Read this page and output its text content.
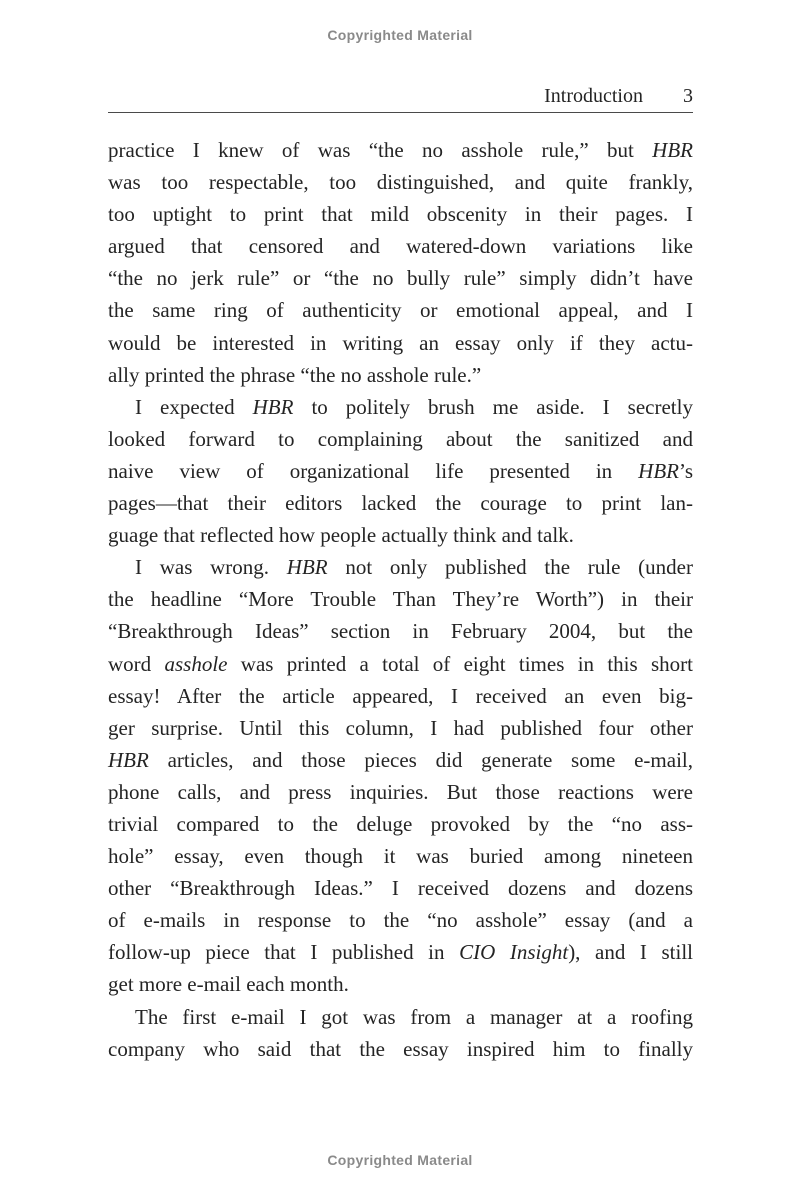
Copyrighted Material
Introduction 3
practice I knew of was “the no asshole rule,” but HBR
was too respectable, too distinguished, and quite frankly,
too uptight to print that mild obscenity in their pages. I
argued that censored and watered-down variations like
“the no jerk rule” or “the no bully rule” simply didn’t have
the same ring of authenticity or emotional appeal, and I
would be interested in writing an essay only if they actu-
ally printed the phrase “the no asshole rule.”
I expected HBR to politely brush me aside. I secretly
looked forward to complaining about the sanitized and
naive view of organizational life presented in HBR’s
pages—that their editors lacked the courage to print lan-
guage that reflected how people actually think and talk.
I was wrong. HBR not only published the rule (under
the headline “More Trouble Than They’re Worth”) in their
“Breakthrough Ideas” section in February 2004, but the
word asshole was printed a total of eight times in this short
essay! After the article appeared, I received an even big-
ger surprise. Until this column, I had published four other
HBR articles, and those pieces did generate some e-mail,
phone calls, and press inquiries. But those reactions were
trivial compared to the deluge provoked by the “no ass-
hole” essay, even though it was buried among nineteen
other “Breakthrough Ideas.” I received dozens and dozens
of e-mails in response to the “no asshole” essay (and a
follow-up piece that I published in CIO Insight), and I still
get more e-mail each month.
The first e-mail I got was from a manager at a roofing
company who said that the essay inspired him to finally
Copyrighted Material
